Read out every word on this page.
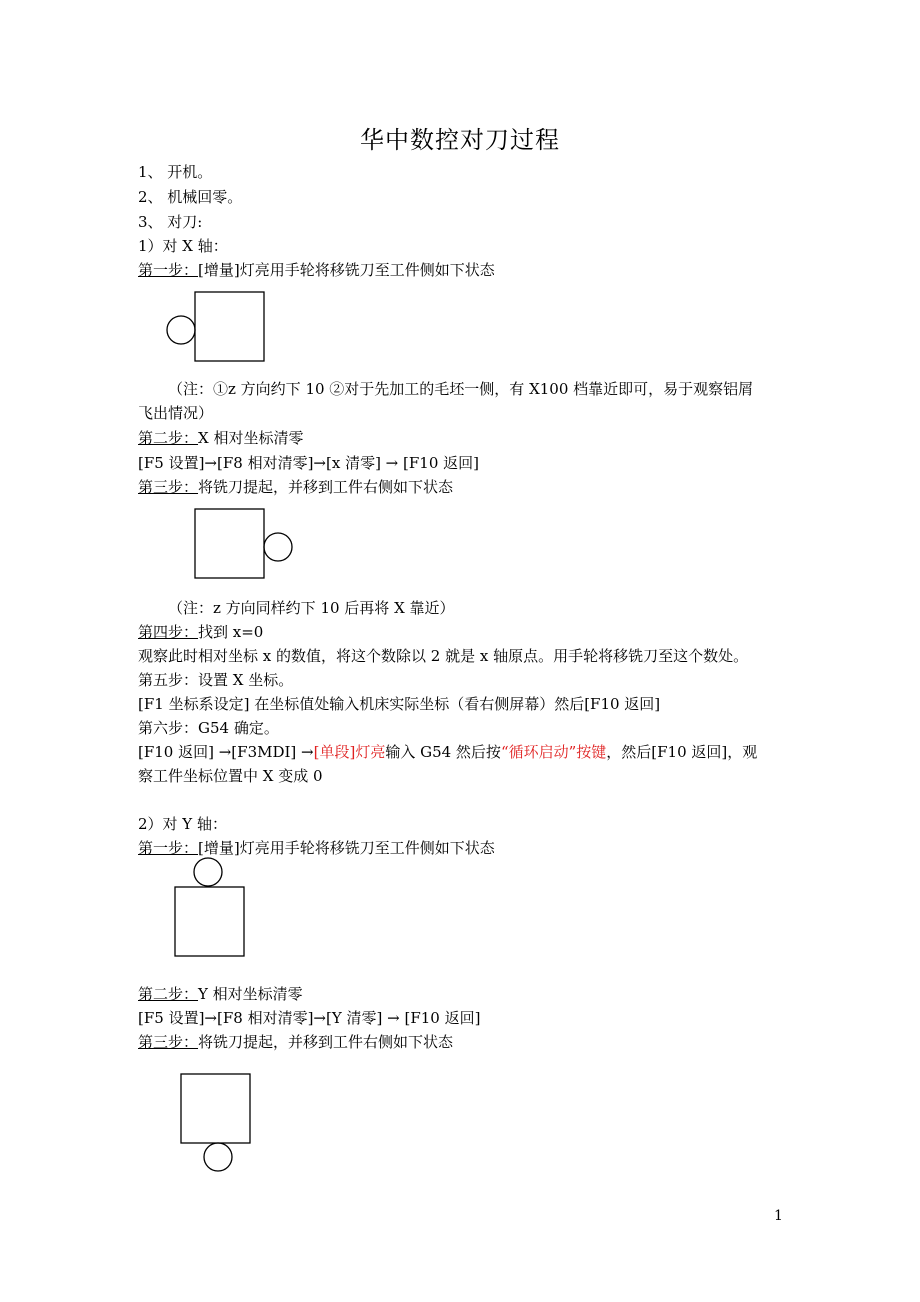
华中数控对刀过程
1、 开机。
2、 机械回零。
3、 对刀:
1）对 X 轴：
第一步：[增量]灯亮用手轮将移铣刀至工件侧如下状态
（注：①z 方向约下 10 ②对于先加工的毛坯一侧，有 X100 档靠近即可，易于观察铝屑
飞出情况）
第二步：X 相对坐标清零
[F5 设置]→[F8 相对清零]→[x 清零] → [F10 返回]
第三步：将铣刀提起，并移到工件右侧如下状态
（注：z 方向同样约下 10 后再将 X 靠近）
第四步：找到 x=0
观察此时相对坐标 x 的数值，将这个数除以 2 就是 x 轴原点。用手轮将移铣刀至这个数处。
第五步：设置 X 坐标。
[F1 坐标系设定] 在坐标值处输入机床实际坐标（看右侧屏幕）然后[F10 返回]
第六步：G54 确定。
[F10 返回] →[F3MDI] →[单段]灯亮输入 G54 然后按“循环启动”按键，然后[F10 返回]，观
察工件坐标位置中 X 变成 0
2）对 Y 轴：
第一步：[增量]灯亮用手轮将移铣刀至工件侧如下状态
第二步：Y 相对坐标清零
[F5 设置]→[F8 相对清零]→[Y 清零] → [F10 返回]
第三步：将铣刀提起，并移到工件右侧如下状态
1
